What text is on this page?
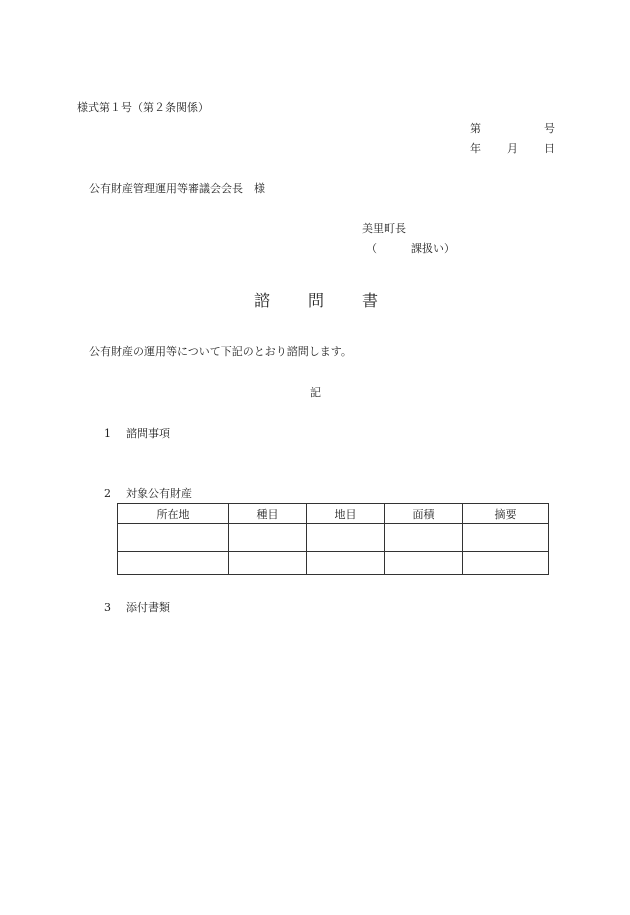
様式第１号（第２条関係）
第	号
年 月 日
公有財産管理運用等審議会会長　様
美里町長
（	課扱い）
諮 問 書
公有財産の運用等について下記のとおり諮問します。
記
1 諮問事項
2 対象公有財産
所在地	種目	地目	面積	摘要

3 添付書類
